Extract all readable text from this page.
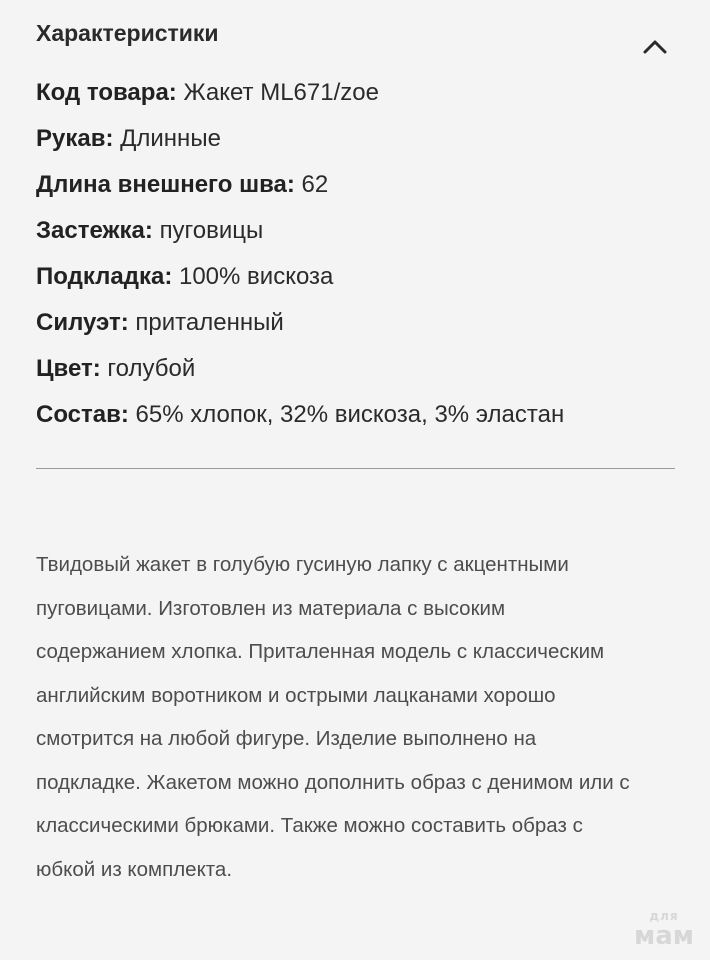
Характеристики
Код товара: Жакет ML671/zoe
Рукав: Длинные
Длина внешнего шва: 62
Застежка: пуговицы
Подкладка: 100% вискоза
Силуэт: приталенный
Цвет: голубой
Состав: 65% хлопок, 32% вискоза, 3% эластан
Твидовый жакет в голубую гусиную лапку с акцентными
пуговицами. Изготовлен из материала с высоким
содержанием хлопка. Приталенная модель с классическим
английским воротником и острыми лацканами хорошо
смотрится на любой фигуре. Изделие выполнено на
подкладке. Жакетом можно дополнить образ с денимом или с
классическими брюками. Также можно составить образ с
юбкой из комплекта.
для
мам
